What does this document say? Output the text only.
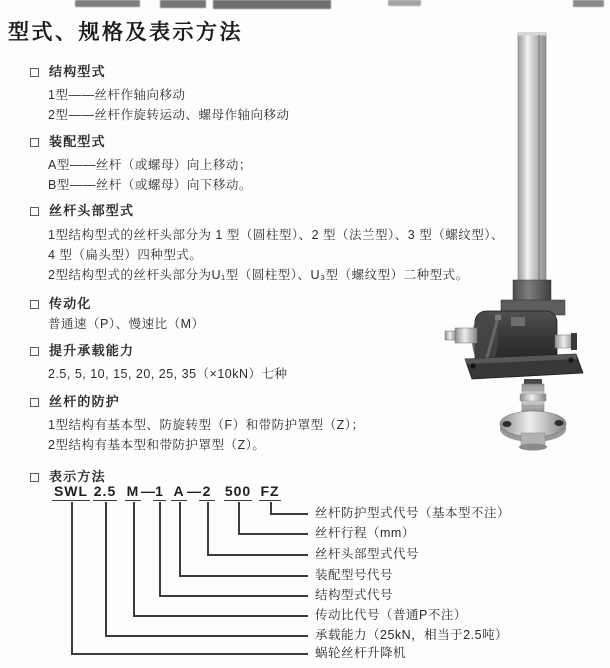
型式、规格及表示方法
结构型式
1型——丝杆作轴向移动
2型——丝杆作旋转运动、螺母作轴向移动
装配型式
A型——丝杆（或螺母）向上移动；
B型——丝杆（或螺母）向下移动。
丝杆头部型式
1型结构型式的丝杆头部分为 1 型（圆柱型）、2 型（法兰型）、3 型（螺纹型）、
4 型（扁头型）四种型式。
2型结构型式的丝杆头部分为U₁型（圆柱型）、U₃型（螺纹型）二种型式。
传动化
普通速（P）、慢速比（M）
提升承载能力
2.5, 5, 10, 15, 20, 25, 35（×10kN）七种
丝杆的防护
1型结构有基本型、防旋转型（F）和带防护罩型（Z）；
2型结构有基本型和带防护罩型（Z）。
表示方法
SWL 2.5 M — 1 A — 2 500 FZ
丝杆防护型式代号（基本型不注）
丝杆行程（mm）
丝杆头部型式代号
装配型号代号
结构型式代号
传动比代号（普通P不注）
承载能力（25kN，相当于2.5吨）
蜗轮丝杆升降机
